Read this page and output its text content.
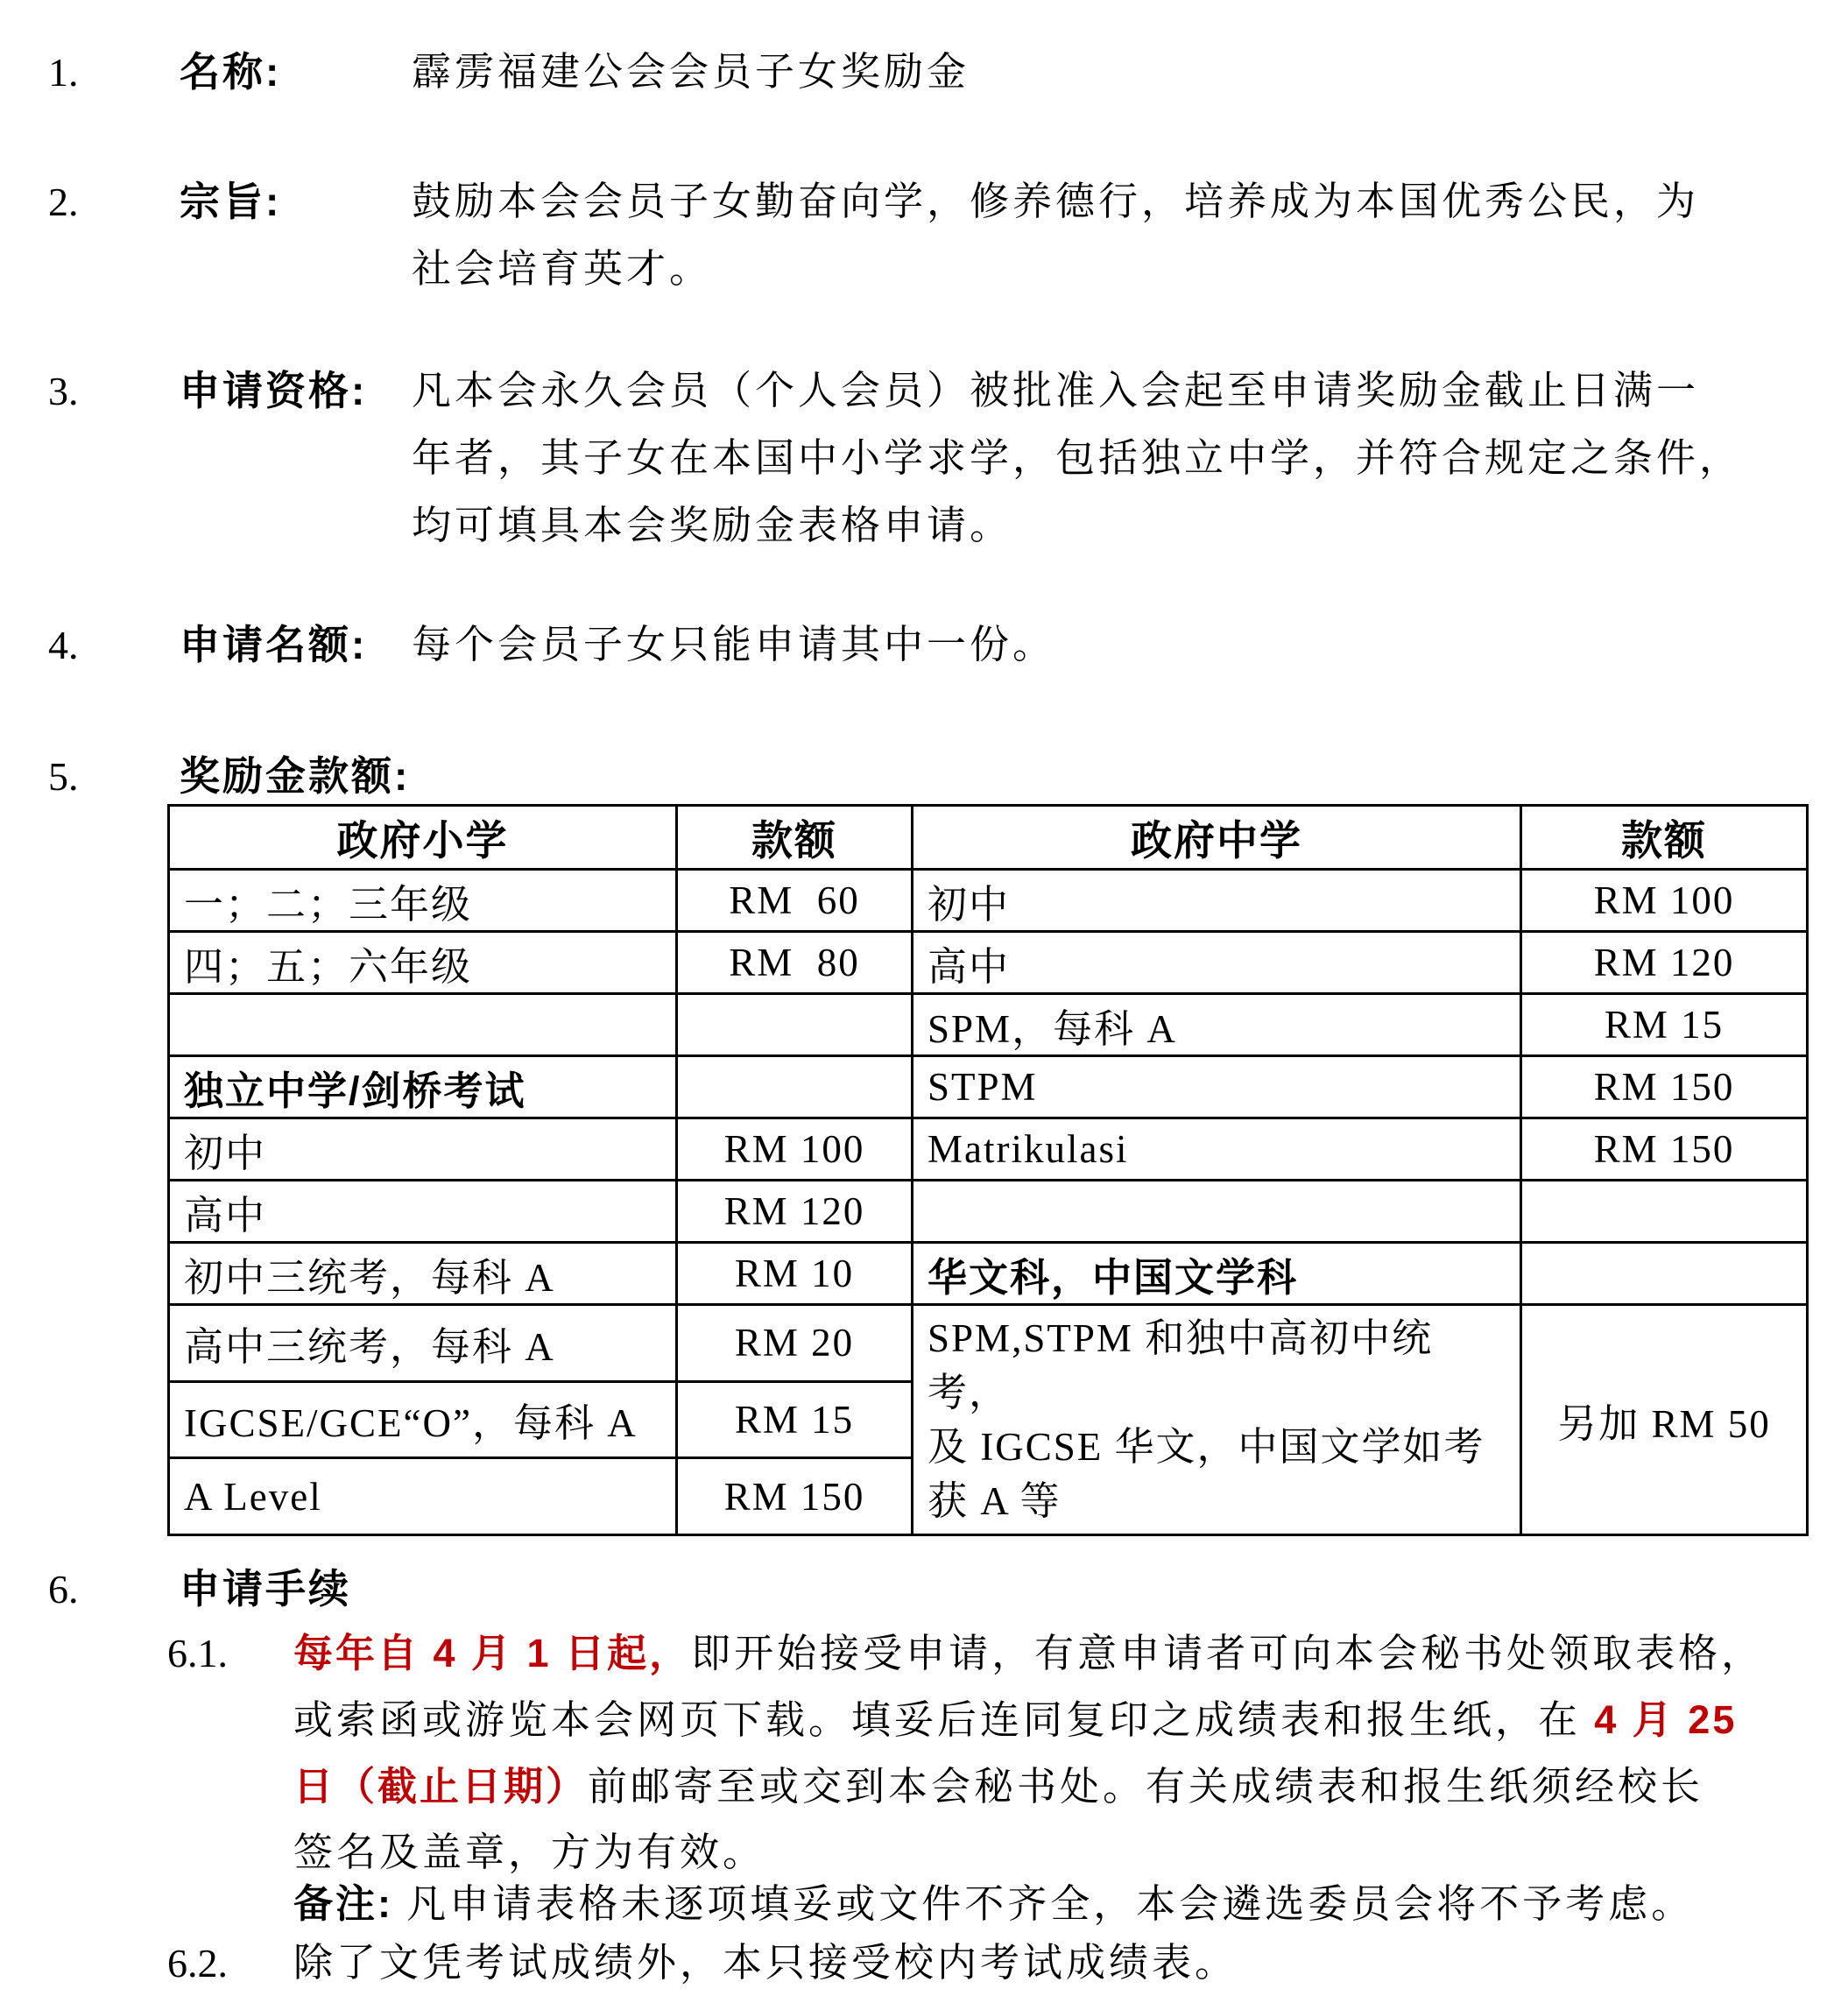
1.	名称:	霹雳福建公会会员子女奖励金
2.	宗旨:	鼓励本会会员子女勤奋向学，修养德行，培养成为本国优秀公民，为
社会培育英才。
3.	申请资格: 凡本会永久会员（个人会员）被批准入会起至申请奖励金截止日满一
年者，其子女在本国中小学求学，包括独立中学，并符合规定之条件，
均可填具本会奖励金表格申请。
4.	申请名额: 每个会员子女只能申请其中一份。
5.	奖励金款额:
政府小学	款额	政府中学	款额
一；二；三年级	RM  60	初中	RM 100
四；五；六年级	RM  80	高中	RM 120
		SPM，每科 A	RM 15
独立中学/剑桥考试		STPM	RM 150
初中	RM 100	Matrikulasi	RM 150
高中	RM 120		
初中三统考，每科 A	RM 10	华文科，中国文学科	
高中三统考，每科 A	RM 20	SPM,STPM 和独中高初中统考，
及 IGCSE 华文，中国文学如考
获 A 等	另加 RM 50
IGCSE/GCE“O”，每科 A	RM 15		
A Level	RM 150		
6.	申请手续
6.1. 每年自 4 月 1 日起，即开始接受申请，有意申请者可向本会秘书处领取表格，
或索函或游览本会网页下载。填妥后连同复印之成绩表和报生纸，在 4 月 25
日（截止日期）前邮寄至或交到本会秘书处。有关成绩表和报生纸须经校长
签名及盖章，方为有效。
备注: 凡申请表格未逐项填妥或文件不齐全，本会遴选委员会将不予考虑。
6.2. 除了文凭考试成绩外，本只接受校内考试成绩表。
